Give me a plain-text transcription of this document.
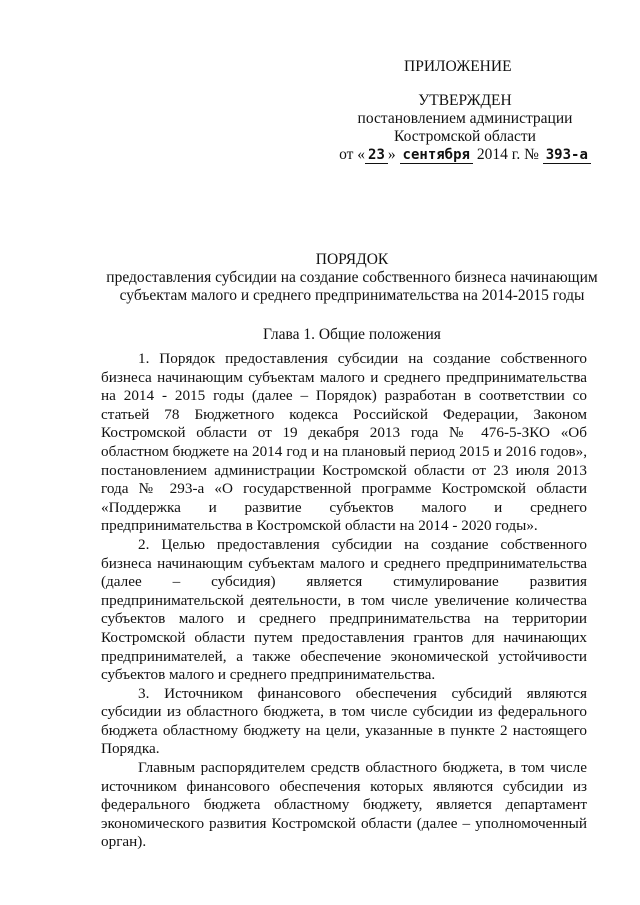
ПРИЛОЖЕНИЕ
УТВЕРЖДЕН
постановлением администрации
Костромской области
от « 23 » сентября 2014 г. № 393-а
ПОРЯДОК
предоставления субсидии на создание собственного бизнеса начинающим
субъектам малого и среднего предпринимательства на 2014-2015 годы
Глава 1. Общие положения

1. Порядок предоставления субсидии на создание собственного бизнеса начинающим субъектам малого и среднего предпринимательства на 2014 - 2015 годы (далее – Порядок) разработан в соответствии со статьей 78 Бюджетного кодекса Российской Федерации, Законом Костромской области от 19 декабря 2013 года № 476-5-ЗКО «Об областном бюджете на 2014 год и на плановый период 2015 и 2016 годов», постановлением администрации Костромской области от 23 июля 2013 года № 293-а «О государственной программе Костромской области «Поддержка и развитие субъектов малого и среднего предпринимательства в Костромской области на 2014 - 2020 годы».

2. Целью предоставления субсидии на создание собственного бизнеса начинающим субъектам малого и среднего предпринимательства (далее – субсидия) является стимулирование развития предпринимательской деятельности, в том числе увеличение количества субъектов малого и среднего предпринимательства на территории Костромской области путем предоставления грантов для начинающих предпринимателей, а также обеспечение экономической устойчивости субъектов малого и среднего предпринимательства.

3. Источником финансового обеспечения субсидий являются субсидии из областного бюджета, в том числе субсидии из федерального бюджета областному бюджету на цели, указанные в пункте 2 настоящего Порядка.

Главным распорядителем средств областного бюджета, в том числе источником финансового обеспечения которых являются субсидии из федерального бюджета областному бюджету, является департамент экономического развития Костромской области (далее – уполномоченный орган).
